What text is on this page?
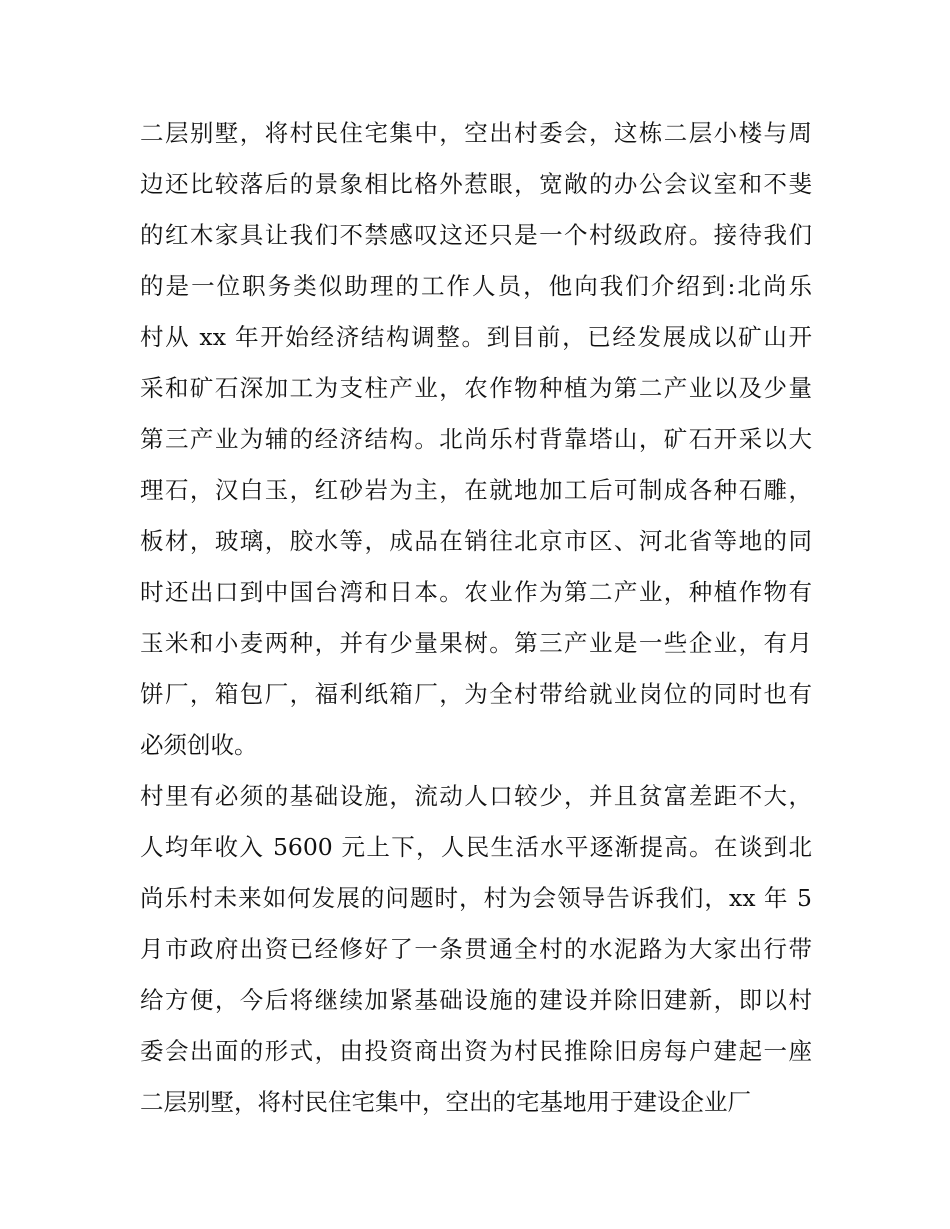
二层别墅，将村民住宅集中，空出村委会，这栋二层小楼与周
边还比较落后的景象相比格外惹眼，宽敞的办公会议室和不斐
的红木家具让我们不禁感叹这还只是一个村级政府。接待我们
的是一位职务类似助理的工作人员，他向我们介绍到:北尚乐
村从 xx 年开始经济结构调整。到目前，已经发展成以矿山开
采和矿石深加工为支柱产业，农作物种植为第二产业以及少量
第三产业为辅的经济结构。北尚乐村背靠塔山，矿石开采以大
理石，汉白玉，红砂岩为主，在就地加工后可制成各种石雕，
板材，玻璃，胶水等，成品在销往北京市区、河北省等地的同
时还出口到中国台湾和日本。农业作为第二产业，种植作物有
玉米和小麦两种，并有少量果树。第三产业是一些企业，有月
饼厂，箱包厂，福利纸箱厂，为全村带给就业岗位的同时也有
必须创收。
村里有必须的基础设施，流动人口较少，并且贫富差距不大，
人均年收入 5600 元上下，人民生活水平逐渐提高。在谈到北
尚乐村未来如何发展的问题时，村为会领导告诉我们，xx 年 5
月市政府出资已经修好了一条贯通全村的水泥路为大家出行带
给方便，今后将继续加紧基础设施的建设并除旧建新，即以村
委会出面的形式，由投资商出资为村民推除旧房每户建起一座
二层别墅，将村民住宅集中，空出的宅基地用于建设企业厂
